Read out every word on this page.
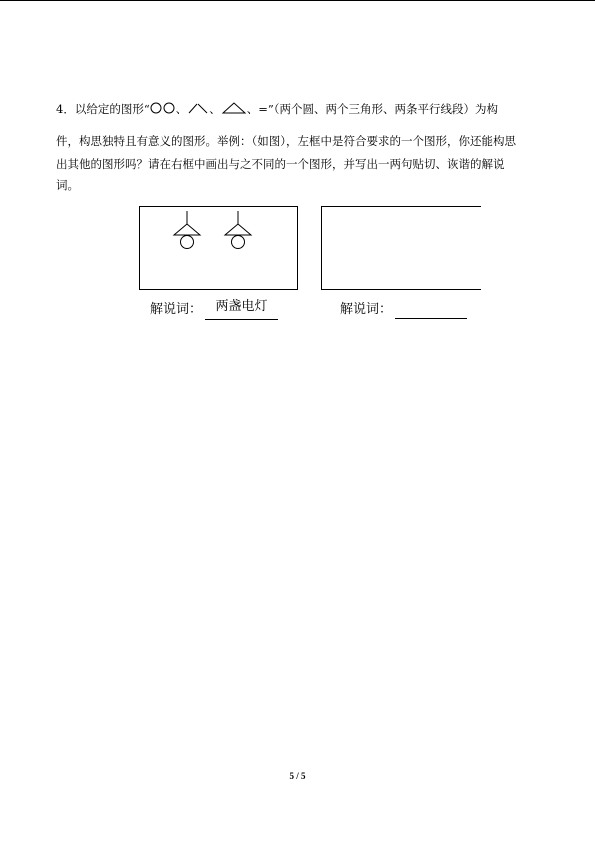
4．以给定的图形“ 、 、 、=”（两个圆、两个三角形、两条平行线段）为构
件，构思独特且有意义的图形。举例：（如图），左框中是符合要求的一个图形，你还能构思
出其他的图形吗？请在右框中画出与之不同的一个图形，并写出一两句贴切、诙谐的解说
词。
解说词：	两盏电灯	解说词：
5 / 5
